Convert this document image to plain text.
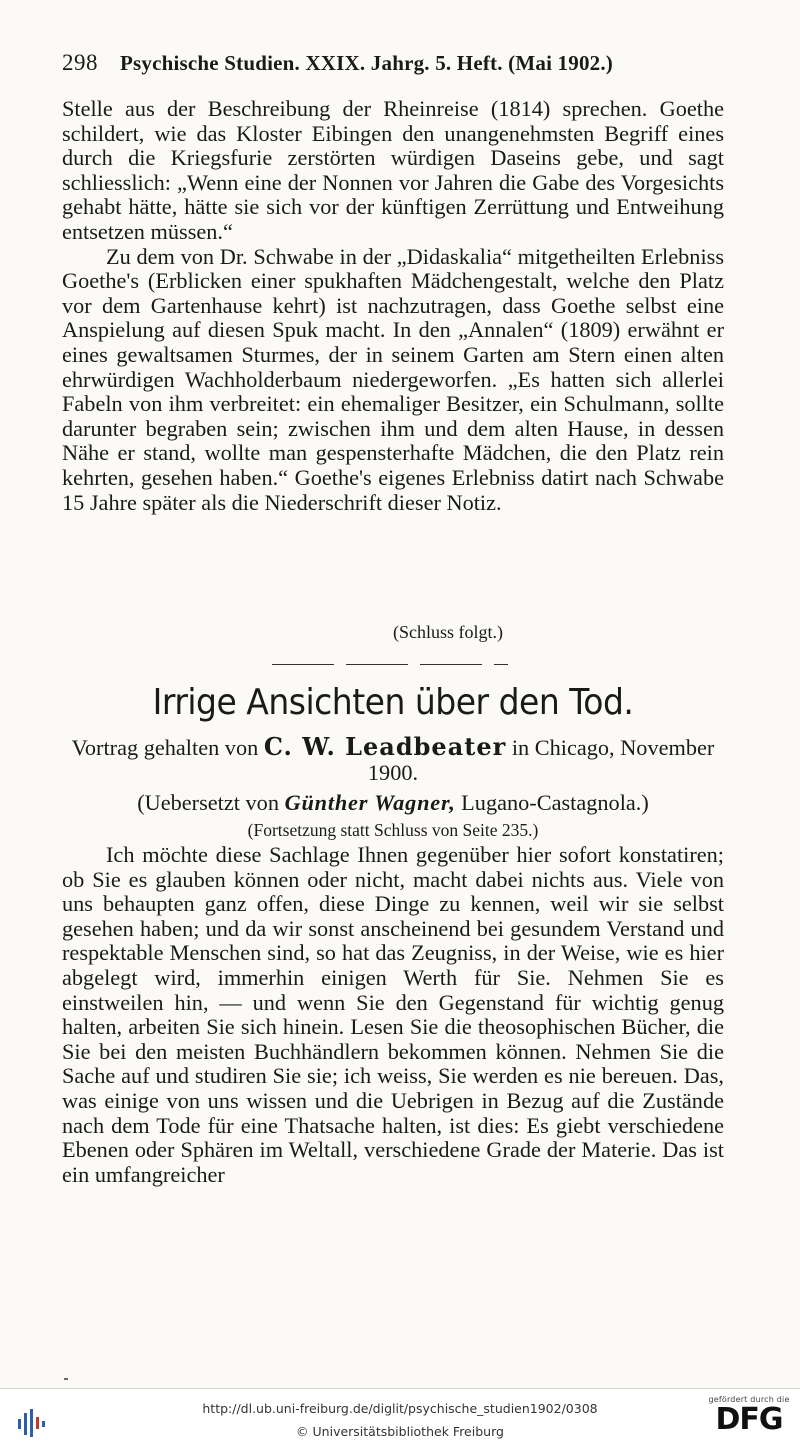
298 Psychische Studien. XXIX. Jahrg. 5. Heft. (Mai 1902.)

Stelle aus der Beschreibung der Rheinreise (1814) sprechen. Goethe schildert, wie das Kloster Eibingen den unangenehmsten Begriff eines durch die Kriegsfurie zerstörten würdigen Daseins gebe, und sagt schliesslich: „Wenn eine der Nonnen vor Jahren die Gabe des Vorgesichts gehabt hätte, hätte sie sich vor der künftigen Zerrüttung und Entweihung entsetzen müssen.“

Zu dem von Dr. Schwabe in der „Didaskalia“ mitgetheilten Erlebniss Goethe's (Erblicken einer spukhaften Mädchengestalt, welche den Platz vor dem Gartenhause kehrt) ist nachzutragen, dass Goethe selbst eine Anspielung auf diesen Spuk macht. In den „Annalen“ (1809) erwähnt er eines gewaltsamen Sturmes, der in seinem Garten am Stern einen alten ehrwürdigen Wachholderbaum niedergeworfen. „Es hatten sich allerlei Fabeln von ihm verbreitet: ein ehemaliger Besitzer, ein Schulmann, sollte darunter begraben sein; zwischen ihm und dem alten Hause, in dessen Nähe er stand, wollte man gespensterhafte Mädchen, die den Platz rein kehrten, gesehen haben.“ Goethe's eigenes Erlebniss datirt nach Schwabe 15 Jahre später als die Niederschrift dieser Notiz.

(Schluss folgt.)
Irrige Ansichten über den Tod.
Vortrag gehalten von C. W. Leadbeater in Chicago, November 1900.
(Uebersetzt von Günther Wagner, Lugano-Castagnola.)
(Fortsetzung statt Schluss von Seite 235.)

Ich möchte diese Sachlage Ihnen gegenüber hier sofort konstatiren; ob Sie es glauben können oder nicht, macht dabei nichts aus. Viele von uns behaupten ganz offen, diese Dinge zu kennen, weil wir sie selbst gesehen haben; und da wir sonst anscheinend bei gesundem Verstand und respektable Menschen sind, so hat das Zeugniss, in der Weise, wie es hier abgelegt wird, immerhin einigen Werth für Sie. Nehmen Sie es einstweilen hin, — und wenn Sie den Gegenstand für wichtig genug halten, arbeiten Sie sich hinein. Lesen Sie die theosophischen Bücher, die Sie bei den meisten Buchhändlern bekommen können. Nehmen Sie die Sache auf und studiren Sie sie; ich weiss, Sie werden es nie bereuen. Das, was einige von uns wissen und die Uebrigen in Bezug auf die Zustände nach dem Tode für eine Thatsache halten, ist dies: Es giebt verschiedene Ebenen oder Sphären im Weltall, verschiedene Grade der Materie. Das ist ein umfangreicher

http://dl.ub.uni-freiburg.de/diglit/psychische_studien1902/0308
© Universitätsbibliothek Freiburg
gefördert durch die
DFG
